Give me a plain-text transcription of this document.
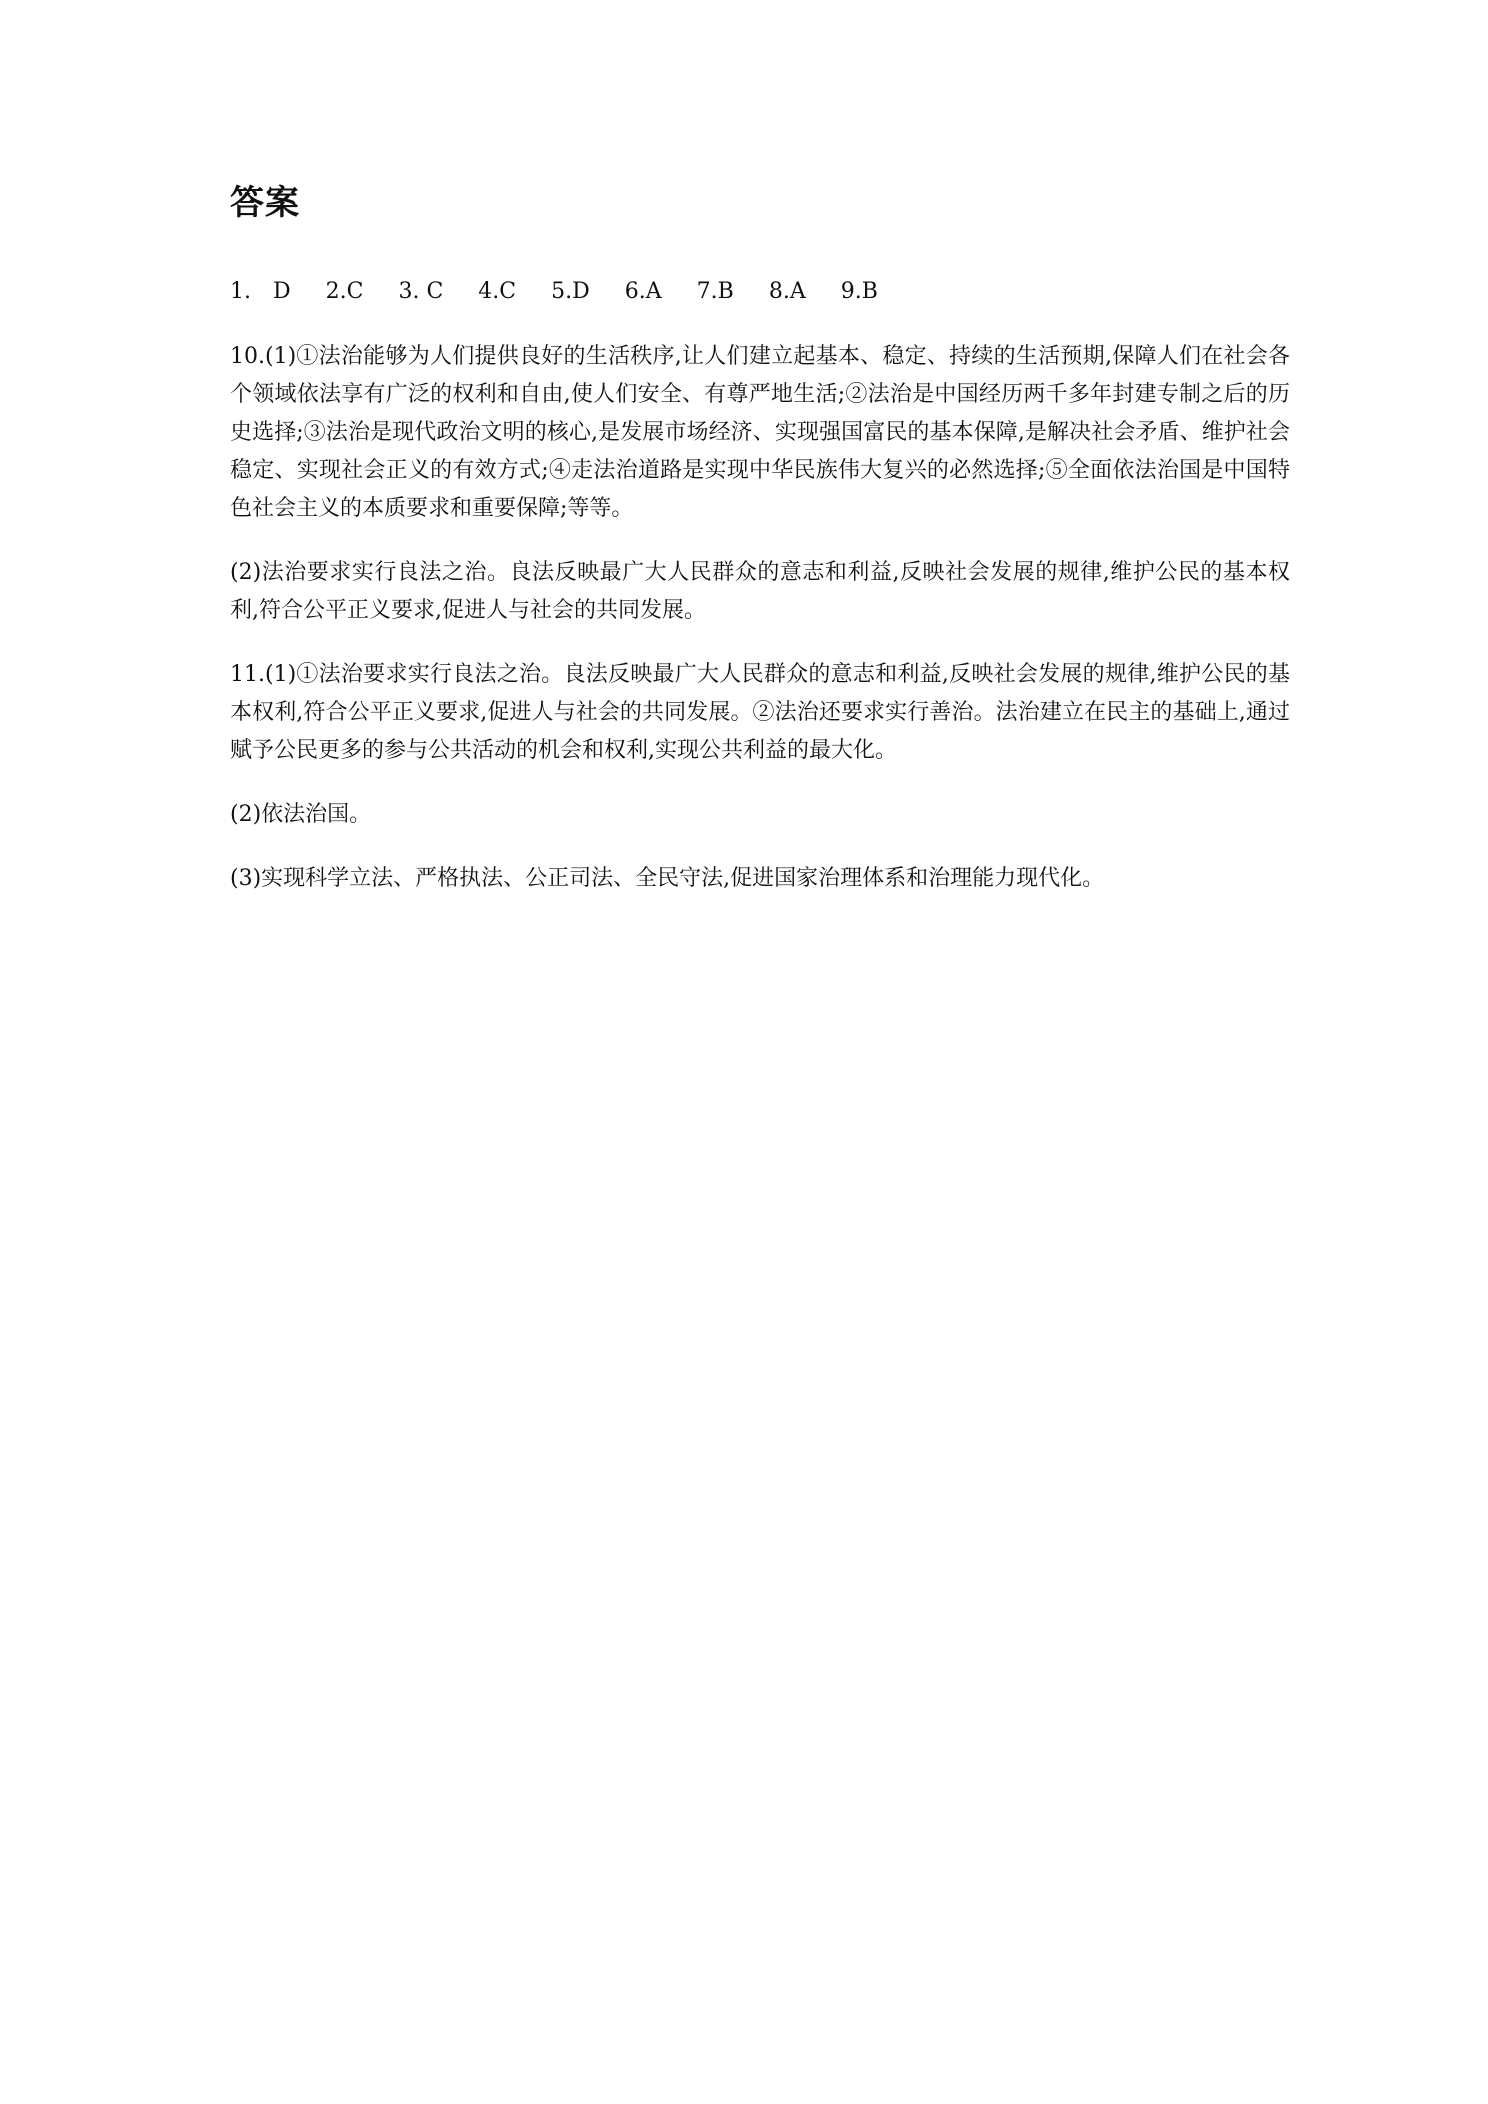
答案
1.　D 2.C 3. C 4.C 5.D 6.A 7.B 8.A 9.B

10.(1)①法治能够为人们提供良好的生活秩序,让人们建立起基本、稳定、持续的生活预期,保障人们在社会各个领域依法享有广泛的权利和自由,使人们安全、有尊严地生活;②法治是中国经历两千多年封建专制之后的历史选择;③法治是现代政治文明的核心,是发展市场经济、实现强国富民的基本保障,是解决社会矛盾、维护社会稳定、实现社会正义的有效方式;④走法治道路是实现中华民族伟大复兴的必然选择;⑤全面依法治国是中国特色社会主义的本质要求和重要保障;等等。

(2)法治要求实行良法之治。良法反映最广大人民群众的意志和利益,反映社会发展的规律,维护公民的基本权利,符合公平正义要求,促进人与社会的共同发展。

11.(1)①法治要求实行良法之治。良法反映最广大人民群众的意志和利益,反映社会发展的规律,维护公民的基本权利,符合公平正义要求,促进人与社会的共同发展。②法治还要求实行善治。法治建立在民主的基础上,通过赋予公民更多的参与公共活动的机会和权利,实现公共利益的最大化。

(2)依法治国。

(3)实现科学立法、严格执法、公正司法、全民守法,促进国家治理体系和治理能力现代化。
